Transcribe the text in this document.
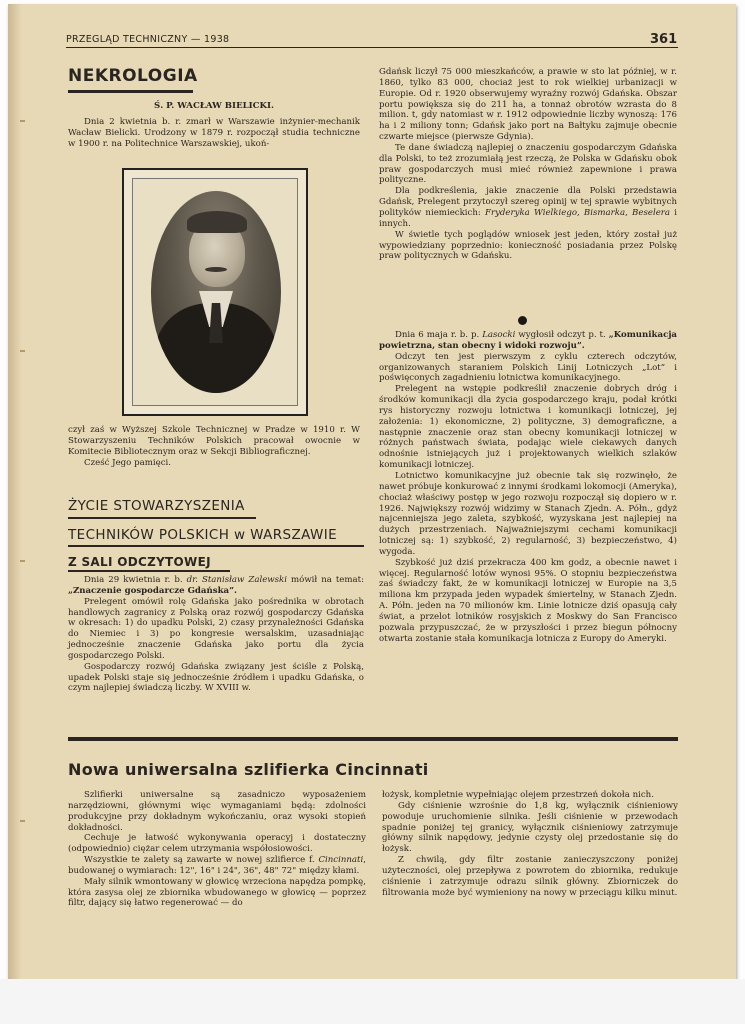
PRZEGLĄD TECHNICZNY — 1938	361
NEKROLOGIA
Ś. P. WACŁAW BIELICKI.

Dnia 2 kwietnia b. r. zmarł w Warszawie inżynier-mechanik Wacław Bielicki. Urodzony w 1879 r. rozpoczął studia techniczne w 1900 r. na Politechnice Warszawskiej, ukoń-

czył zaś w Wyższej Szkole Technicznej w Pradze w 1910 r. W Stowarzyszeniu Techników Polskich pracował owocnie w Komitecie Bibliotecznym oraz w Sekcji Bibliograficznej.

Cześć Jego pamięci.

ŻYCIE STOWARZYSZENIA
TECHNIKÓW POLSKICH w WARSZAWIE
Z SALI ODCZYTOWEJ

Dnia 29 kwietnia r. b. dr. Stanisław Zalewski mówił na temat: „Znaczenie gospodarcze Gdańska”.

Prelegent omówił rolę Gdańska jako pośrednika w obrotach handlowych zagranicy z Polską oraz rozwój gospodarczy Gdańska w okresach: 1) do upadku Polski, 2) czasy przynależności Gdańska do Niemiec i 3) po kongresie wersalskim, uzasadniając jednocześnie znaczenie Gdańska jako portu dla życia gospodarczego Polski.

Gospodarczy rozwój Gdańska związany jest ściśle z Polską, upadek Polski staje się jednocześnie źródłem i upadku Gdańska, o czym najlepiej świadczą liczby. W XVIII w.

Gdańsk liczył 75 000 mieszkańców, a prawie w sto lat później, w r. 1860, tylko 83 000, chociaż jest to rok wielkiej urbanizacji w Europie. Od r. 1920 obserwujemy wyraźny rozwój Gdańska. Obszar portu powiększa się do 211 ha, a tonnaż obrotów wzrasta do 8 milion. t, gdy natomiast w r. 1912 odpowiednie liczby wynoszą: 176 ha i 2 miliony tonn; Gdańsk jako port na Bałtyku zajmuje obecnie czwarte miejsce (pierwsze Gdynia).

Te dane świadczą najlepiej o znaczeniu gospodarczym Gdańska dla Polski, to też zrozumiałą jest rzeczą, że Polska w Gdańsku obok praw gospodarczych musi mieć również zapewnione i prawa polityczne.

Dla podkreślenia, jakie znaczenie dla Polski przedstawia Gdańsk, Prelegent przytoczył szereg opinij w tej sprawie wybitnych polityków niemieckich: Fryderyka Wielkiego, Bismarka, Beselera i innych.

W świetle tych poglądów wniosek jest jeden, który został już wypowiedziany poprzednio: konieczność posiadania przez Polskę praw politycznych w Gdańsku.

Dnia 6 maja r. b. p. Lasocki wygłosił odczyt p. t. „Komunikacja powietrzna, stan obecny i widoki rozwoju”.

Odczyt ten jest pierwszym z cyklu czterech odczytów, organizowanych staraniem Polskich Linij Lotniczych „Lot” i poświęconych zagadnieniu lotnictwa komunikacyjnego.

Prelegent na wstępie podkreślił znaczenie dobrych dróg i środków komunikacji dla życia gospodarczego kraju, podał krótki rys historyczny rozwoju lotnictwa i komunikacji lotniczej, jej założenia: 1) ekonomiczne, 2) polityczne, 3) demograficzne, a następnie znaczenie oraz stan obecny komunikacji lotniczej w różnych państwach świata, podając wiele ciekawych danych odnośnie istniejących już i projektowanych wielkich szlaków komunikacji lotniczej.

Lotnictwo komunikacyjne już obecnie tak się rozwinęło, że nawet próbuje konkurować z innymi środkami lokomocji (Ameryka), chociaż właściwy postęp w jego rozwoju rozpoczął się dopiero w r. 1926. Największy rozwój widzimy w Stanach Zjedn. A. Półn., gdyż najcenniejsza jego zaleta, szybkość, wyzyskana jest najlepiej na dużych przestrzeniach. Najważniejszymi cechami komunikacji lotniczej są: 1) szybkość, 2) regularność, 3) bezpieczeństwo, 4) wygoda.

Szybkość już dziś przekracza 400 km godz, a obecnie nawet i więcej. Regularność lotów wynosi 95%. O stopniu bezpieczeństwa zaś świadczy fakt, że w komunikacji lotniczej w Europie na 3,5 miliona km przypada jeden wypadek śmiertelny, w Stanach Zjedn. A. Półn. jeden na 70 milionów km. Linie lotnicze dziś opasują cały świat, a przelot lotników rosyjskich z Moskwy do San Francisco pozwala przypuszczać, że w przyszłości i przez biegun północny otwarta zostanie stała komunikacja lotnicza z Europy do Ameryki.

Nowa uniwersalna szlifierka Cincinnati

Szlifierki uniwersalne są zasadniczo wyposażeniem narzędziowni, głównymi więc wymaganiami będą: zdolności produkcyjne przy dokładnym wykończaniu, oraz wysoki stopień dokładności.

Cechuje je łatwość wykonywania operacyj i dostateczny (odpowiedniо) ciężar celem utrzymania współosiowości.

Wszystkie te zalety są zawarte w nowej szlifierce f. Cincinnati, budowanej o wymiarach: 12", 16" i 24", 36", 48" 72" między kłami.

Mały silnik wmontowany w głowicę wrzeciona napędza pompkę, która zasysa olej ze zbiornika wbudowanego w głowicę — poprzez filtr, dający się łatwo regenerować — do

łożysk, kompletnie wypełniając olejem przestrzeń dokoła nich.

Gdy ciśnienie wzrośnie do 1,8 kg, wyłącznik ciśnieniowy powoduje uruchomienie silnika. Jeśli ciśnienie w przewodach spadnie poniżej tej granicy, wyłącznik ciśnieniowy zatrzymuje główny silnik napędowy, jedynie czysty olej przedostanie się do łożysk.

Z chwilą, gdy filtr zostanie zanieczyszczony poniżej użyteczności, olej przepływa z powrotem do zbiornika, redukuje ciśnienie i zatrzymuje odrazu silnik główny. Zbiorniczek do filtrowania może być wymieniony na nowy w przeciągu kilku minut.
